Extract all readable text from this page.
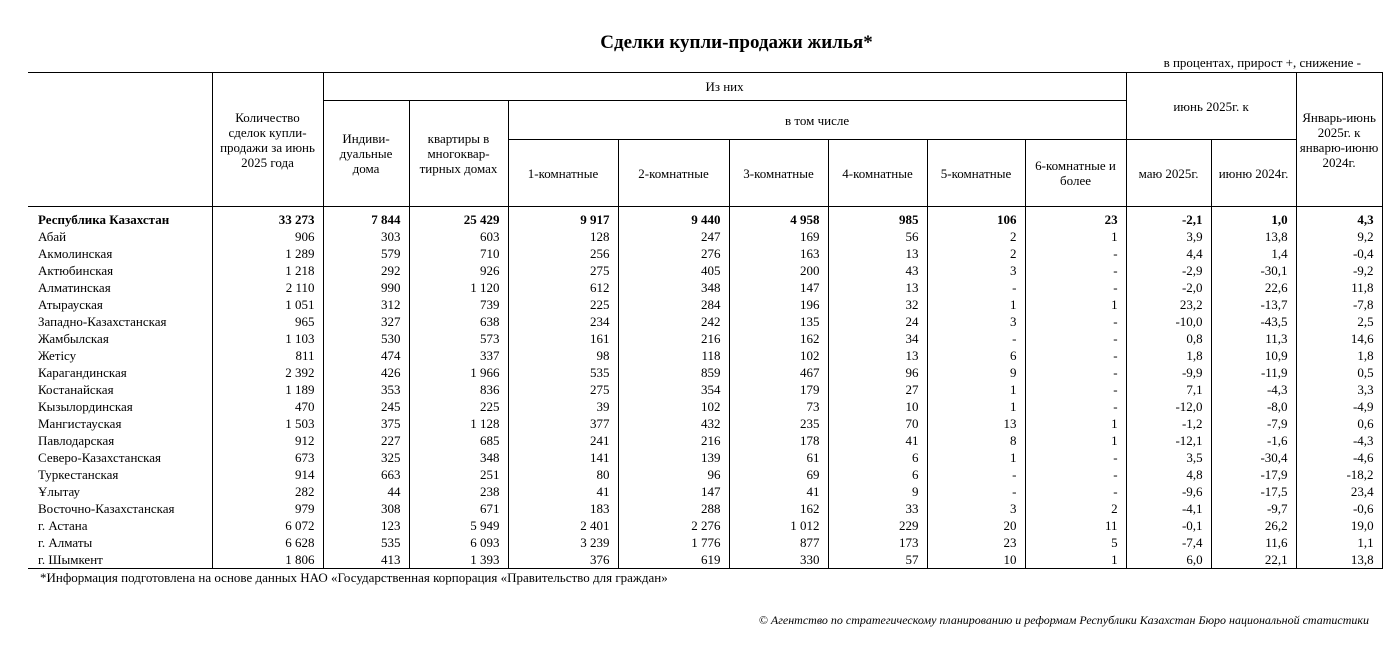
Сделки купли-продажи жилья*
в процентах, прирост +, снижение -
	Количество сделок купли-продажи за июнь 2025 года	Из них								июнь 2025г. к		Январь-июнь 2025г. к январю-июню 2024г.
		Индиви-дуальные дома	квартиры в многоквар-тирных домах	в том числе								
				1-комнатные	2-комнатные	3-комнатные	4-комнатные	5-комнатные	6-комнатные и более	маю 2025г.	июню 2024г.	
Республика Казахстан	33 273	7 844	25 429	9 917	9 440	4 958	985	106	23	-2,1	1,0	4,3
Абай	906	303	603	128	247	169	56	2	1	3,9	13,8	9,2
Акмолинская	1 289	579	710	256	276	163	13	2	-	4,4	1,4	-0,4
Актюбинская	1 218	292	926	275	405	200	43	3	-	-2,9	-30,1	-9,2
Алматинская	2 110	990	1 120	612	348	147	13	-	-	-2,0	22,6	11,8
Атырауская	1 051	312	739	225	284	196	32	1	1	23,2	-13,7	-7,8
Западно-Казахстанская	965	327	638	234	242	135	24	3	-	-10,0	-43,5	2,5
Жамбылская	1 103	530	573	161	216	162	34	-	-	0,8	11,3	14,6
Жетісу	811	474	337	98	118	102	13	6	-	1,8	10,9	1,8
Карагандинская	2 392	426	1 966	535	859	467	96	9	-	-9,9	-11,9	0,5
Костанайская	1 189	353	836	275	354	179	27	1	-	7,1	-4,3	3,3
Кызылординская	470	245	225	39	102	73	10	1	-	-12,0	-8,0	-4,9
Мангистауская	1 503	375	1 128	377	432	235	70	13	1	-1,2	-7,9	0,6
Павлодарская	912	227	685	241	216	178	41	8	1	-12,1	-1,6	-4,3
Северо-Казахстанская	673	325	348	141	139	61	6	1	-	3,5	-30,4	-4,6
Туркестанская	914	663	251	80	96	69	6	-	-	4,8	-17,9	-18,2
Ұлытау	282	44	238	41	147	41	9	-	-	-9,6	-17,5	23,4
Восточно-Казахстанская	979	308	671	183	288	162	33	3	2	-4,1	-9,7	-0,6
г. Астана	6 072	123	5 949	2 401	2 276	1 012	229	20	11	-0,1	26,2	19,0
г. Алматы	6 628	535	6 093	3 239	1 776	877	173	23	5	-7,4	11,6	1,1
г. Шымкент	1 806	413	1 393	376	619	330	57	10	1	6,0	22,1	13,8
*Информация подготовлена на основе данных НАО «Государственная корпорация «Правительство для граждан»
© Агентство по стратегическому планированию и реформам Республики Казахстан Бюро национальной статистики
